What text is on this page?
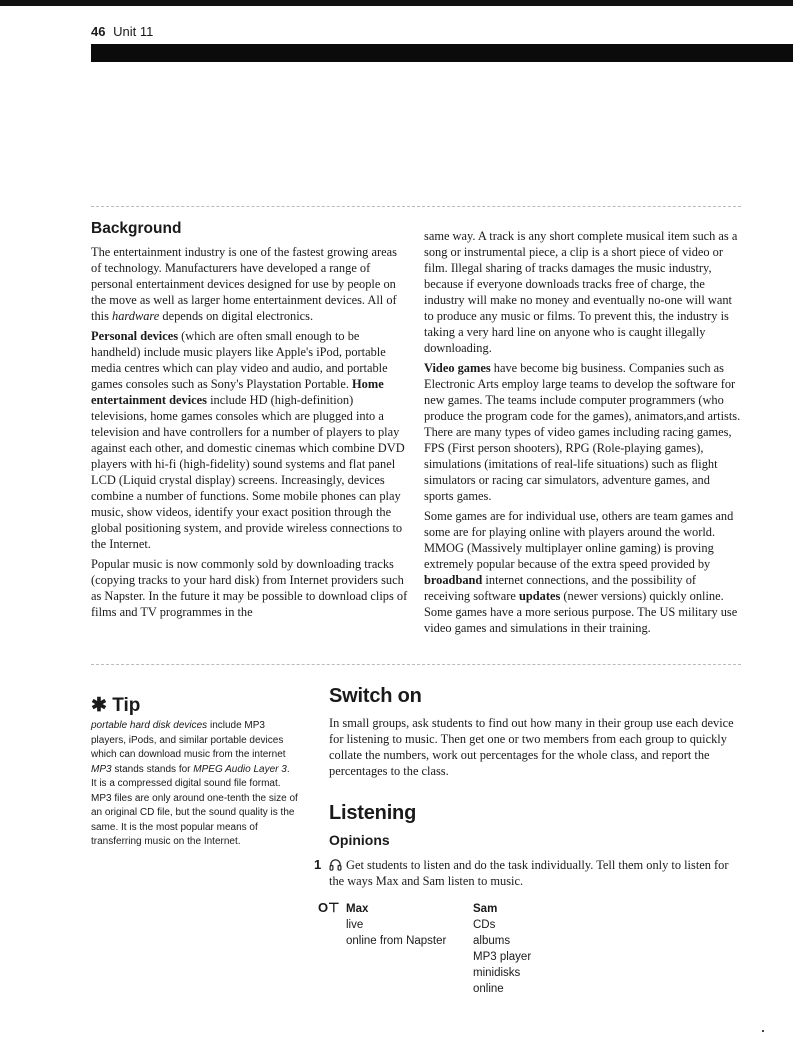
46 Unit 11
Background

The entertainment industry is one of the fastest growing areas of technology. Manufacturers have developed a range of personal entertainment devices designed for use by people on the move as well as larger home entertainment devices. All of this hardware depends on digital electronics.

Personal devices (which are often small enough to be handheld) include music players like Apple's iPod, portable media centres which can play video and audio, and portable games consoles such as Sony's Playstation Portable. Home entertainment devices include HD (high-definition) televisions, home games consoles which are plugged into a television and have controllers for a number of players to play against each other, and domestic cinemas which combine DVD players with hi-fi (high-fidelity) sound systems and flat panel LCD (Liquid crystal display) screens. Increasingly, devices combine a number of functions. Some mobile phones can play music, show videos, identify your exact position through the global positioning system, and provide wireless connections to the Internet.

Popular music is now commonly sold by downloading tracks (copying tracks to your hard disk) from Internet providers such as Napster. In the future it may be possible to download clips of films and TV programmes in the

same way. A track is any short complete musical item such as a song or instrumental piece, a clip is a short piece of video or film. Illegal sharing of tracks damages the music industry, because if everyone downloads tracks free of charge, the industry will make no money and eventually no-one will want to produce any music or films. To prevent this, the industry is taking a very hard line on anyone who is caught illegally downloading.

Video games have become big business. Companies such as Electronic Arts employ large teams to develop the software for new games. The teams include computer programmers (who produce the program code for the games), animators,and artists. There are many types of video games including racing games, FPS (First person shooters), RPG (Role-playing games), simulations (imitations of real-life situations) such as flight simulators or racing car simulators, adventure games, and sports games.

Some games are for individual use, others are team games and some are for playing online with players around the world. MMOG (Massively multiplayer online gaming) is proving extremely popular because of the extra speed provided by broadband internet connections, and the possibility of receiving software updates (newer versions) quickly online. Some games have a more serious purpose. The US military use video games and simulations in their training.

✱ Tip

portable hard disk devices include MP3 players, iPods, and similar portable devices which can download music from the internet

MP3 stands stands for MPEG Audio Layer 3.

It is a compressed digital sound file format. MP3 files are only around one-tenth the size of an original CD file, but the sound quality is the same. It is the most popular means of transferring music on the Internet.

Switch on
In small groups, ask students to find out how many in their group use each device for listening to music. Then get one or two members from each group to quickly collate the numbers, work out percentages for the whole class, and report the percentages to the class.
Listening
Opinions
1	Get students to listen and do the task individually. Tell them only to listen for the ways Max and Sam listen to music.
O⊤ Max
live
online from Napster
Sam
CDs
albums
MP3 player
minidisks
online
